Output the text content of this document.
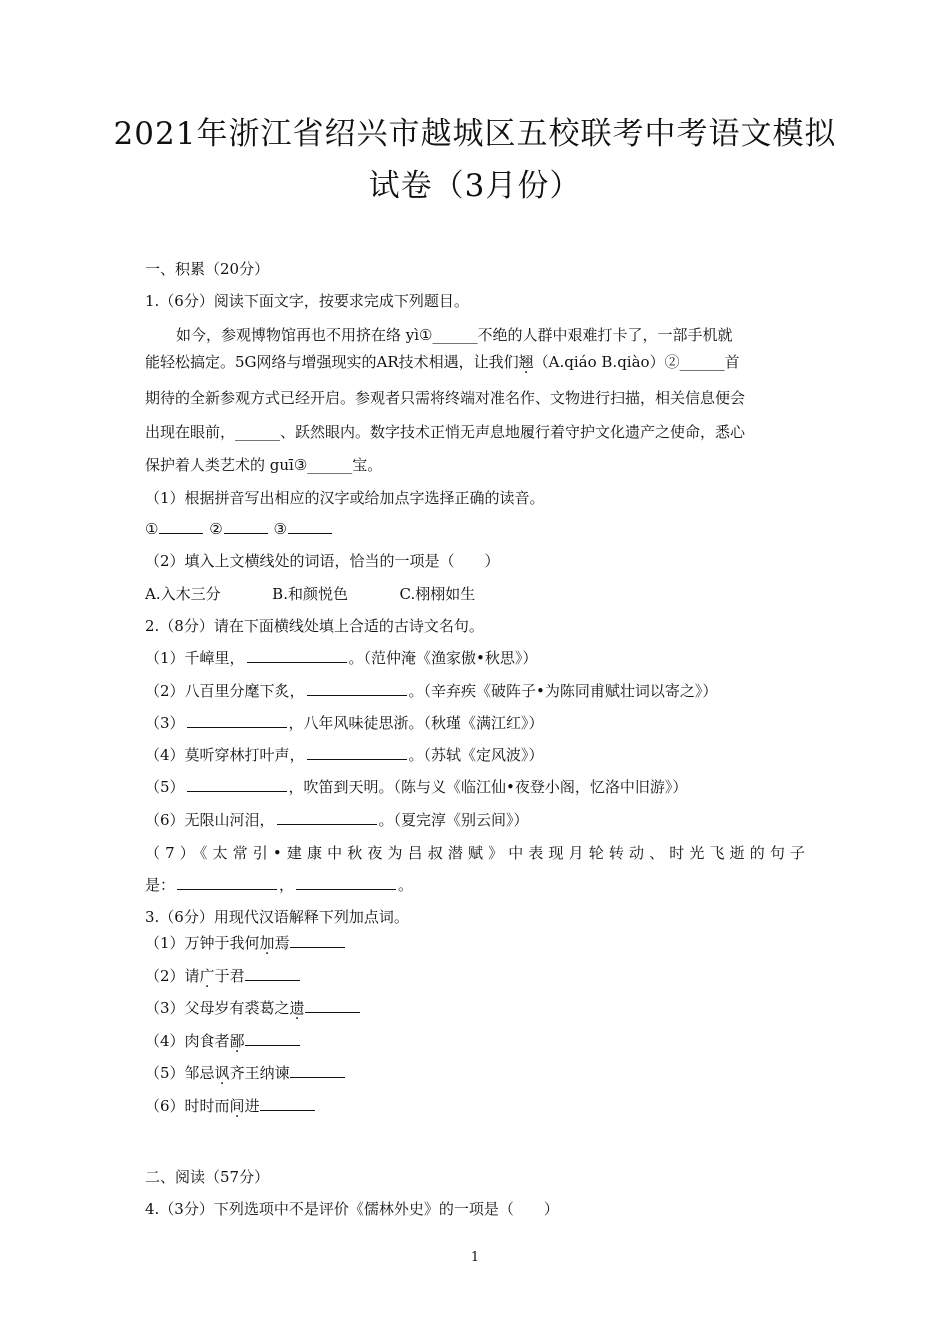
2021年浙江省绍兴市越城区五校联考中考语文模拟
试卷（3月份）
一、积累（20分）
1.（6分）阅读下面文字，按要求完成下列题目。
如今，参观博物馆再也不用挤在络 yì①______不绝的人群中艰难打卡了，一部手机就
能轻松搞定。5G网络与增强现实的AR技术相遇，让我们翘（A.qiáo B.qiào）②______首
期待的全新参观方式已经开启。参观者只需将终端对准名作、文物进行扫描，相关信息便会
出现在眼前，______、跃然眼内。数字技术正悄无声息地履行着守护文化遗产之使命，悉心
保护着人类艺术的 guī③______宝。
（1）根据拼音写出相应的汉字或给加点字选择正确的读音。
①	②	③
（2）填入上文横线处的词语，恰当的一项是（　　）
A.入木三分	B.和颜悦色	C.栩栩如生
2.（8分）请在下面横线处填上合适的古诗文名句。
（1）千嶂里，	。（范仲淹《渔家傲•秋思》）
（2）八百里分麾下炙，	。（辛弃疾《破阵子•为陈同甫赋壮词以寄之》）
（3）	，八年风味徒思浙。（秋瑾《满江红》）
（4）莫听穿林打叶声，	。（苏轼《定风波》）
（5）	，吹笛到天明。（陈与义《临江仙•夜登小阁，忆洛中旧游》）
（6）无限山河泪，	。（夏完淳《别云间》）
（7）《太常引•建康中秋夜为吕叔潜赋》中表现月轮转动、时光飞逝的句子
是：	，	。
3.（6分）用现代汉语解释下列加点词。
（1）万钟于我何加焉
（2）请广于君
（3）父母岁有裘葛之遗
（4）肉食者鄙
（5）邹忌讽齐王纳谏
（6）时时而间进
二、阅读（57分）
4.（3分）下列选项中不是评价《儒林外史》的一项是（　　）
1
